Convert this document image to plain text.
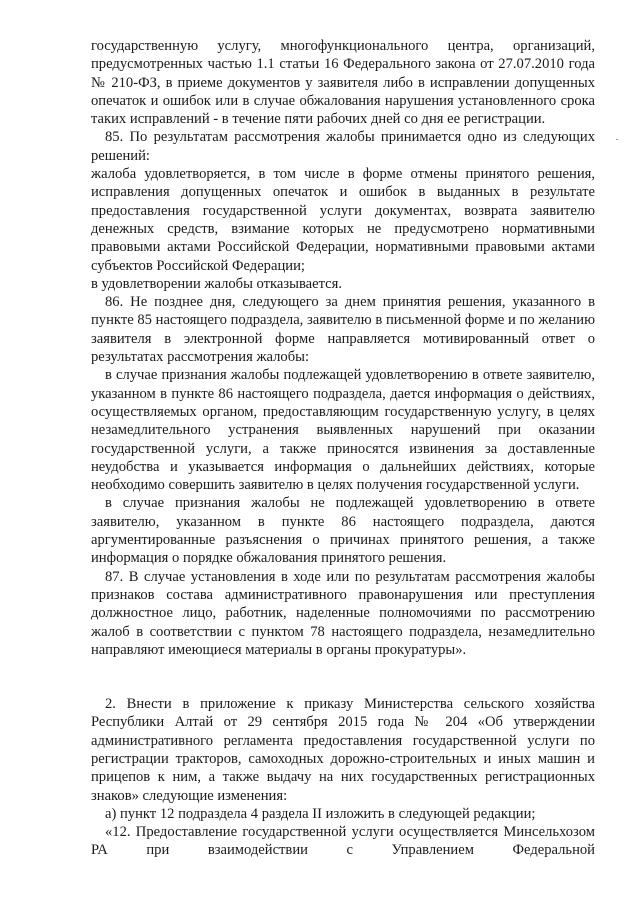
государственную услугу, многофункционального центра, организаций, предусмотренных частью 1.1 статьи 16 Федерального закона от 27.07.2010 года № 210-ФЗ, в приеме документов у заявителя либо в исправлении допущенных опечаток и ошибок или в случае обжалования нарушения установленного срока таких исправлений - в течение пяти рабочих дней со дня ее регистрации.

85. По результатам рассмотрения жалобы принимается одно из следующих решений:

жалоба удовлетворяется, в том числе в форме отмены принятого решения, исправления допущенных опечаток и ошибок в выданных в результате предоставления государственной услуги документах, возврата заявителю денежных средств, взимание которых не предусмотрено нормативными правовыми актами Российской Федерации, нормативными правовыми актами субъектов Российской Федерации;

в удовлетворении жалобы отказывается.

86. Не позднее дня, следующего за днем принятия решения, указанного в пункте 85 настоящего подраздела, заявителю в письменной форме и по желанию заявителя в электронной форме направляется мотивированный ответ о результатах рассмотрения жалобы:

в случае признания жалобы подлежащей удовлетворению в ответе заявителю, указанном в пункте 86 настоящего подраздела, дается информация о действиях, осуществляемых органом, предоставляющим государственную услугу, в целях незамедлительного устранения выявленных нарушений при оказании государственной услуги, а также приносятся извинения за доставленные неудобства и указывается информация о дальнейших действиях, которые необходимо совершить заявителю в целях получения государственной услуги.

в случае признания жалобы не подлежащей удовлетворению в ответе заявителю, указанном в пункте 86 настоящего подраздела, даются аргументированные разъяснения о причинах принятого решения, а также информация о порядке обжалования принятого решения.

87. В случае установления в ходе или по результатам рассмотрения жалобы признаков состава административного правонарушения или преступления должностное лицо, работник, наделенные полномочиями по рассмотрению жалоб в соответствии с пунктом 78 настоящего подраздела, незамедлительно направляют имеющиеся материалы в органы прокуратуры».

2. Внести в приложение к приказу Министерства сельского хозяйства Республики Алтай от 29 сентября 2015 года № 204 «Об утверждении административного регламента предоставления государственной услуги по регистрации тракторов, самоходных дорожно-строительных и иных машин и прицепов к ним, а также выдачу на них государственных регистрационных знаков» следующие изменения:

а) пункт 12 подраздела 4 раздела II изложить в следующей редакции;

«12. Предоставление государственной услуги осуществляется Минсельхозом РА при взаимодействии с Управлением Федеральной
